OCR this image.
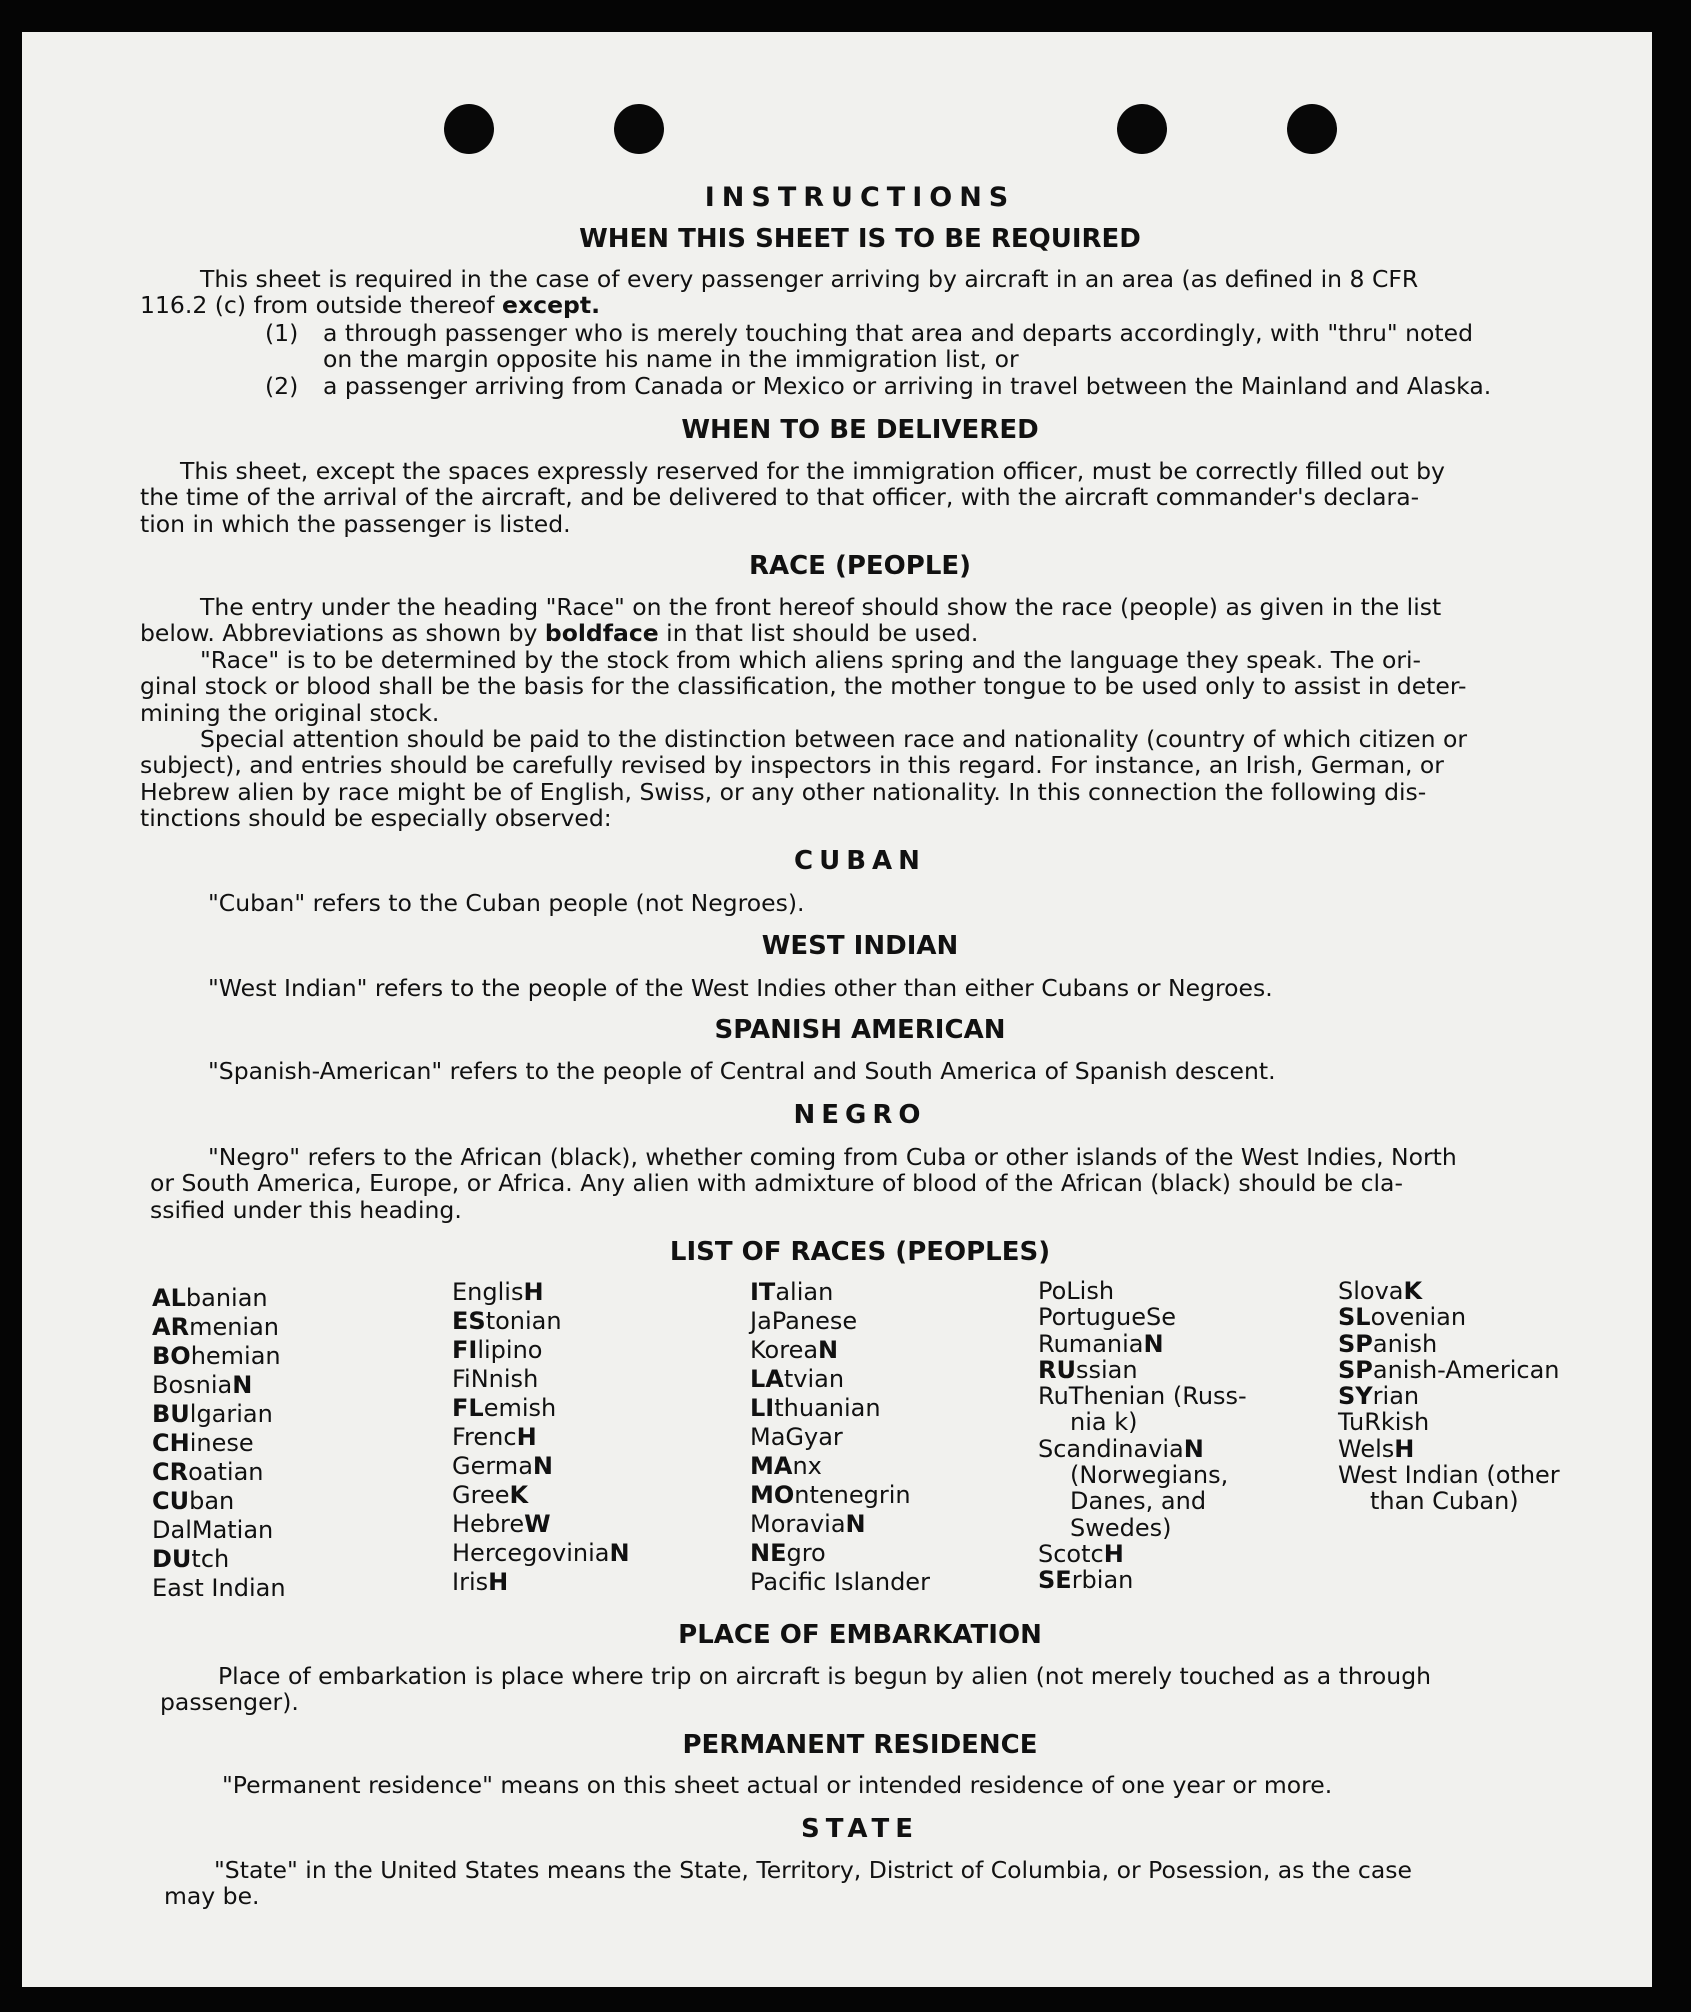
INSTRUCTIONS
WHEN THIS SHEET IS TO BE REQUIRED
This sheet is required in the case of every passenger arriving by aircraft in an area (as defined in 8 CFR
116.2 (c) from outside thereof except.
(1) a through passenger who is merely touching that area and departs accordingly, with "thru" noted
on the margin opposite his name in the immigration list, or
(2) a passenger arriving from Canada or Mexico or arriving in travel between the Mainland and Alaska.
WHEN TO BE DELIVERED
This sheet, except the spaces expressly reserved for the immigration officer, must be correctly filled out by
the time of the arrival of the aircraft, and be delivered to that officer, with the aircraft commander's declara-
tion in which the passenger is listed.
RACE (PEOPLE)
The entry under the heading "Race" on the front hereof should show the race (people) as given in the list
below. Abbreviations as shown by boldface in that list should be used.
"Race" is to be determined by the stock from which aliens spring and the language they speak. The ori-
ginal stock or blood shall be the basis for the classification, the mother tongue to be used only to assist in deter-
mining the original stock.
Special attention should be paid to the distinction between race and nationality (country of which citizen or
subject), and entries should be carefully revised by inspectors in this regard. For instance, an Irish, German, or
Hebrew alien by race might be of English, Swiss, or any other nationality. In this connection the following dis-
tinctions should be especially observed:
CUBAN
"Cuban" refers to the Cuban people (not Negroes).
WEST INDIAN
"West Indian" refers to the people of the West Indies other than either Cubans or Negroes.
SPANISH AMERICAN
"Spanish-American" refers to the people of Central and South America of Spanish descent.
NEGRO
"Negro" refers to the African (black), whether coming from Cuba or other islands of the West Indies, North
or South America, Europe, or Africa. Any alien with admixture of blood of the African (black) should be cla-
ssified under this heading.
LIST OF RACES (PEOPLES)
ALbanian
ARmenian
BOhemian
BosniaN
BUlgarian
CHinese
CRoatian
CUban
DalMatian
DUtch
East Indian
EnglisH
EStonian
FIlipino
FiNnish
FLemish
FrencH
GermaN
GreeK
HebreW
HercegoviniaN
IrisH
ITalian
JaPanese
KoreaN
LAtvian
LIthuanian
MaGyar
MAnx
MOntenegrin
MoraviaN
NEgro
Pacific Islander
PoLish
PortugueSe
RumaniaN
RUssian
RuThenian (Russ-
nia k)
ScandinaviaN
(Norwegians,
Danes, and
Swedes)
ScotcH
SErbian
SlovaK
SLovenian
SPanish
SPanish-American
SYrian
TuRkish
WelsH
West Indian (other
than Cuban)
PLACE OF EMBARKATION
Place of embarkation is place where trip on aircraft is begun by alien (not merely touched as a through
passenger).
PERMANENT RESIDENCE
"Permanent residence" means on this sheet actual or intended residence of one year or more.
STATE
"State" in the United States means the State, Territory, District of Columbia, or Posession, as the case
may be.
